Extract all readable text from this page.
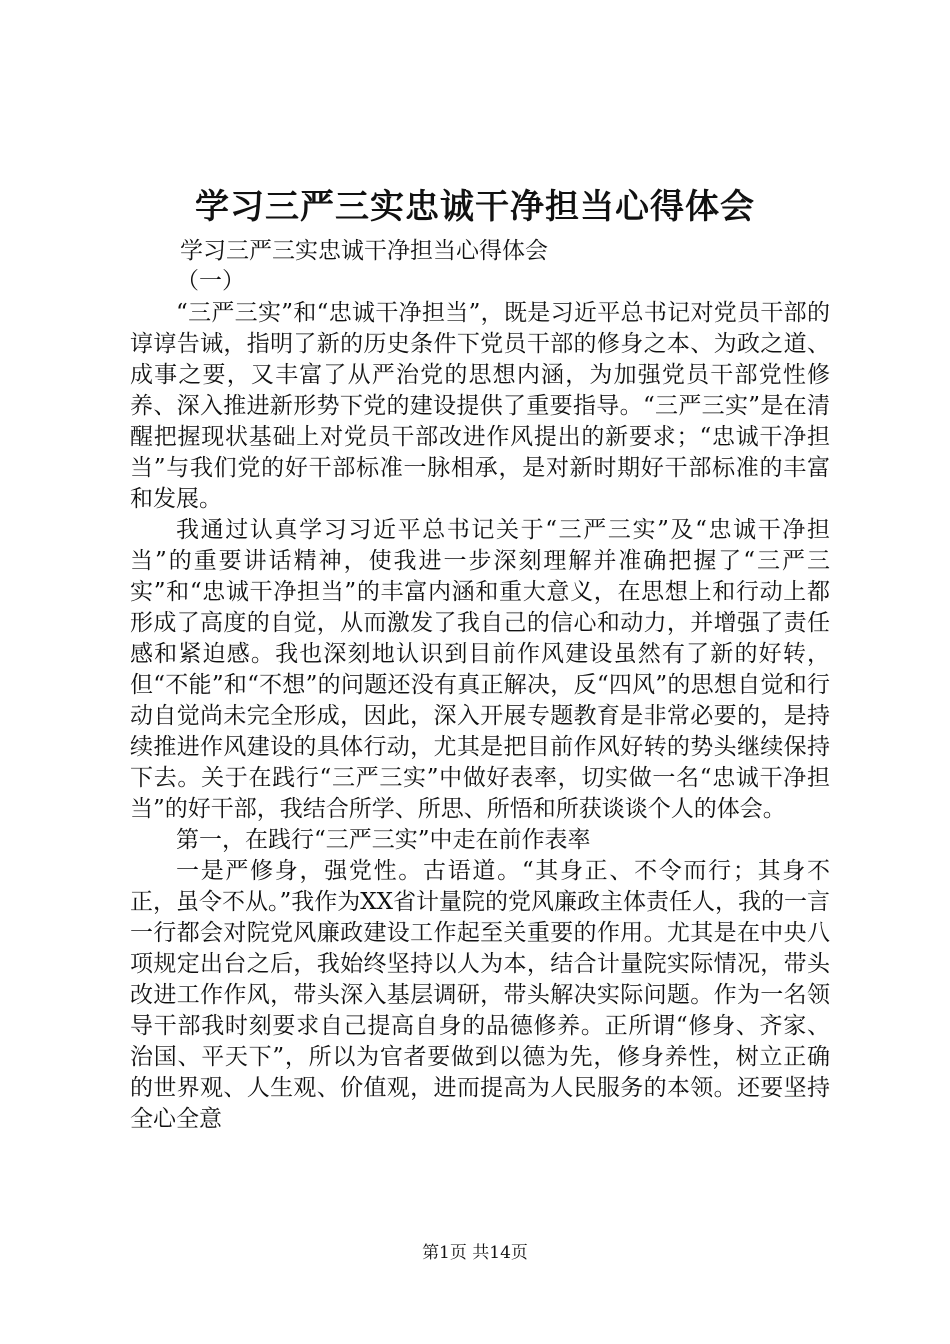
学习三严三实忠诚干净担当心得体会
学习三严三实忠诚干净担当心得体会
（一）

“三严三实”和“忠诚干净担当”，既是习近平总书记对党员干部的谆谆告诫，指明了新的历史条件下党员干部的修身之本、为政之道、成事之要，又丰富了从严治党的思想内涵，为加强党员干部党性修养、深入推进新形势下党的建设提供了重要指导。“三严三实”是在清醒把握现状基础上对党员干部改进作风提出的新要求；“忠诚干净担当”与我们党的好干部标准一脉相承，是对新时期好干部标准的丰富和发展。

我通过认真学习习近平总书记关于“三严三实”及“忠诚干净担当”的重要讲话精神，使我进一步深刻理解并准确把握了“三严三实”和“忠诚干净担当”的丰富内涵和重大意义，在思想上和行动上都形成了高度的自觉，从而激发了我自己的信心和动力，并增强了责任感和紧迫感。我也深刻地认识到目前作风建设虽然有了新的好转，但“不能”和“不想”的问题还没有真正解决，反“四风”的思想自觉和行动自觉尚未完全形成，因此，深入开展专题教育是非常必要的，是持续推进作风建设的具体行动，尤其是把目前作风好转的势头继续保持下去。关于在践行“三严三实”中做好表率，切实做一名“忠诚干净担当”的好干部，我结合所学、所思、所悟和所获谈谈个人的体会。

第一，在践行“三严三实”中走在前作表率

一是严修身，强党性。古语道。“其身正、不令而行；其身不正，虽令不从。”我作为XX省计量院的党风廉政主体责任人，我的一言一行都会对院党风廉政建设工作起至关重要的作用。尤其是在中央八项规定出台之后，我始终坚持以人为本，结合计量院实际情况，带头改进工作作风，带头深入基层调研，带头解决实际问题。作为一名领导干部我时刻要求自己提高自身的品德修养。正所谓“修身、齐家、治国、平天下”，所以为官者要做到以德为先，修身养性，树立正确的世界观、人生观、价值观，进而提高为人民服务的本领。还要坚持全心全意

第1页 共14页
